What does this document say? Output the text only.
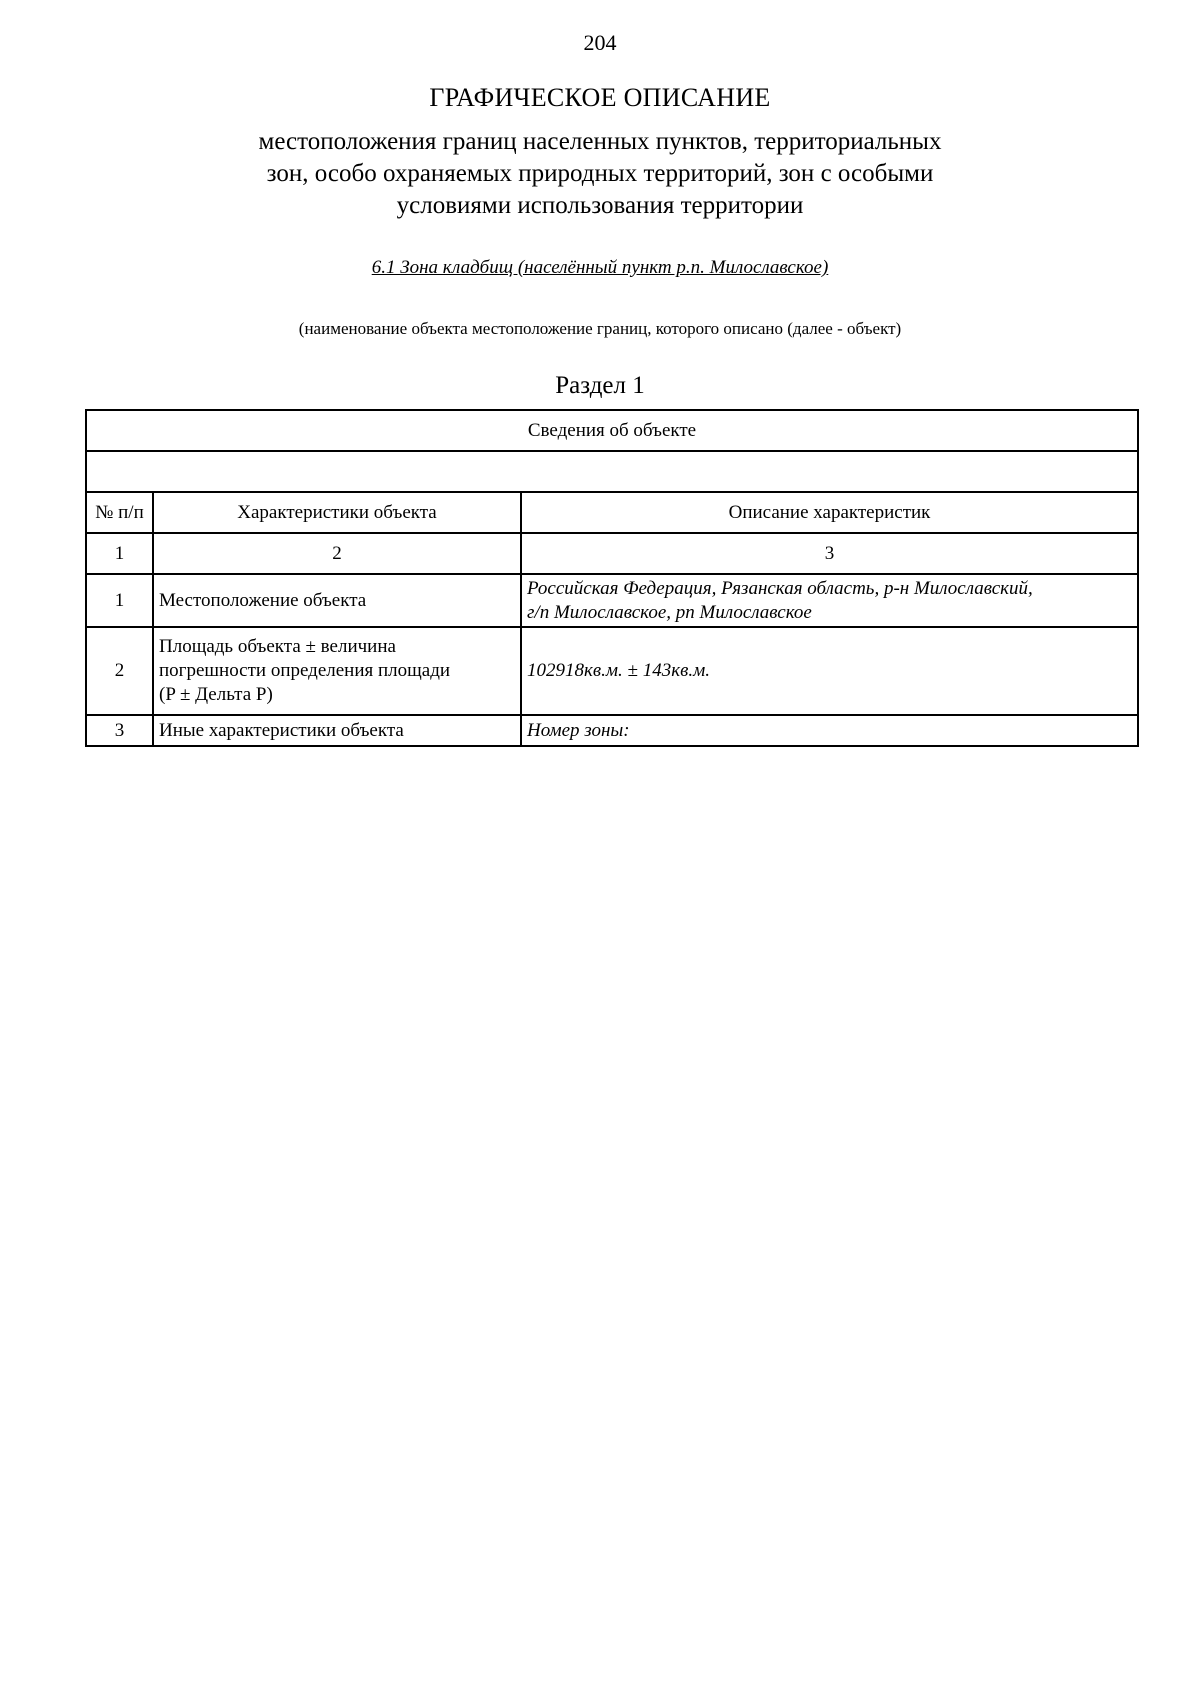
204
ГРАФИЧЕСКОЕ ОПИСАНИЕ
местоположения границ населенных пунктов, территориальных
зон, особо охраняемых природных территорий, зон с особыми
условиями использования территории
6.1 Зона кладбищ (населённый пункт р.п. Милославское)
(наименование объекта местоположение границ, которого описано (далее - объект)
Раздел 1
Сведения об объекте		

№ п/п	Характеристики объекта	Описание характеристик
1	2	3
1	Местоположение объекта	Российская Федерация, Рязанская область, р-н Милославский,
г/п Милославское, рп Милославское

2	Площадь объекта ± величина
погрешности определения площади
(P ± Дельта P)	102918кв.м. ± 143кв.м.
3	Иные характеристики объекта	Номер зоны:
